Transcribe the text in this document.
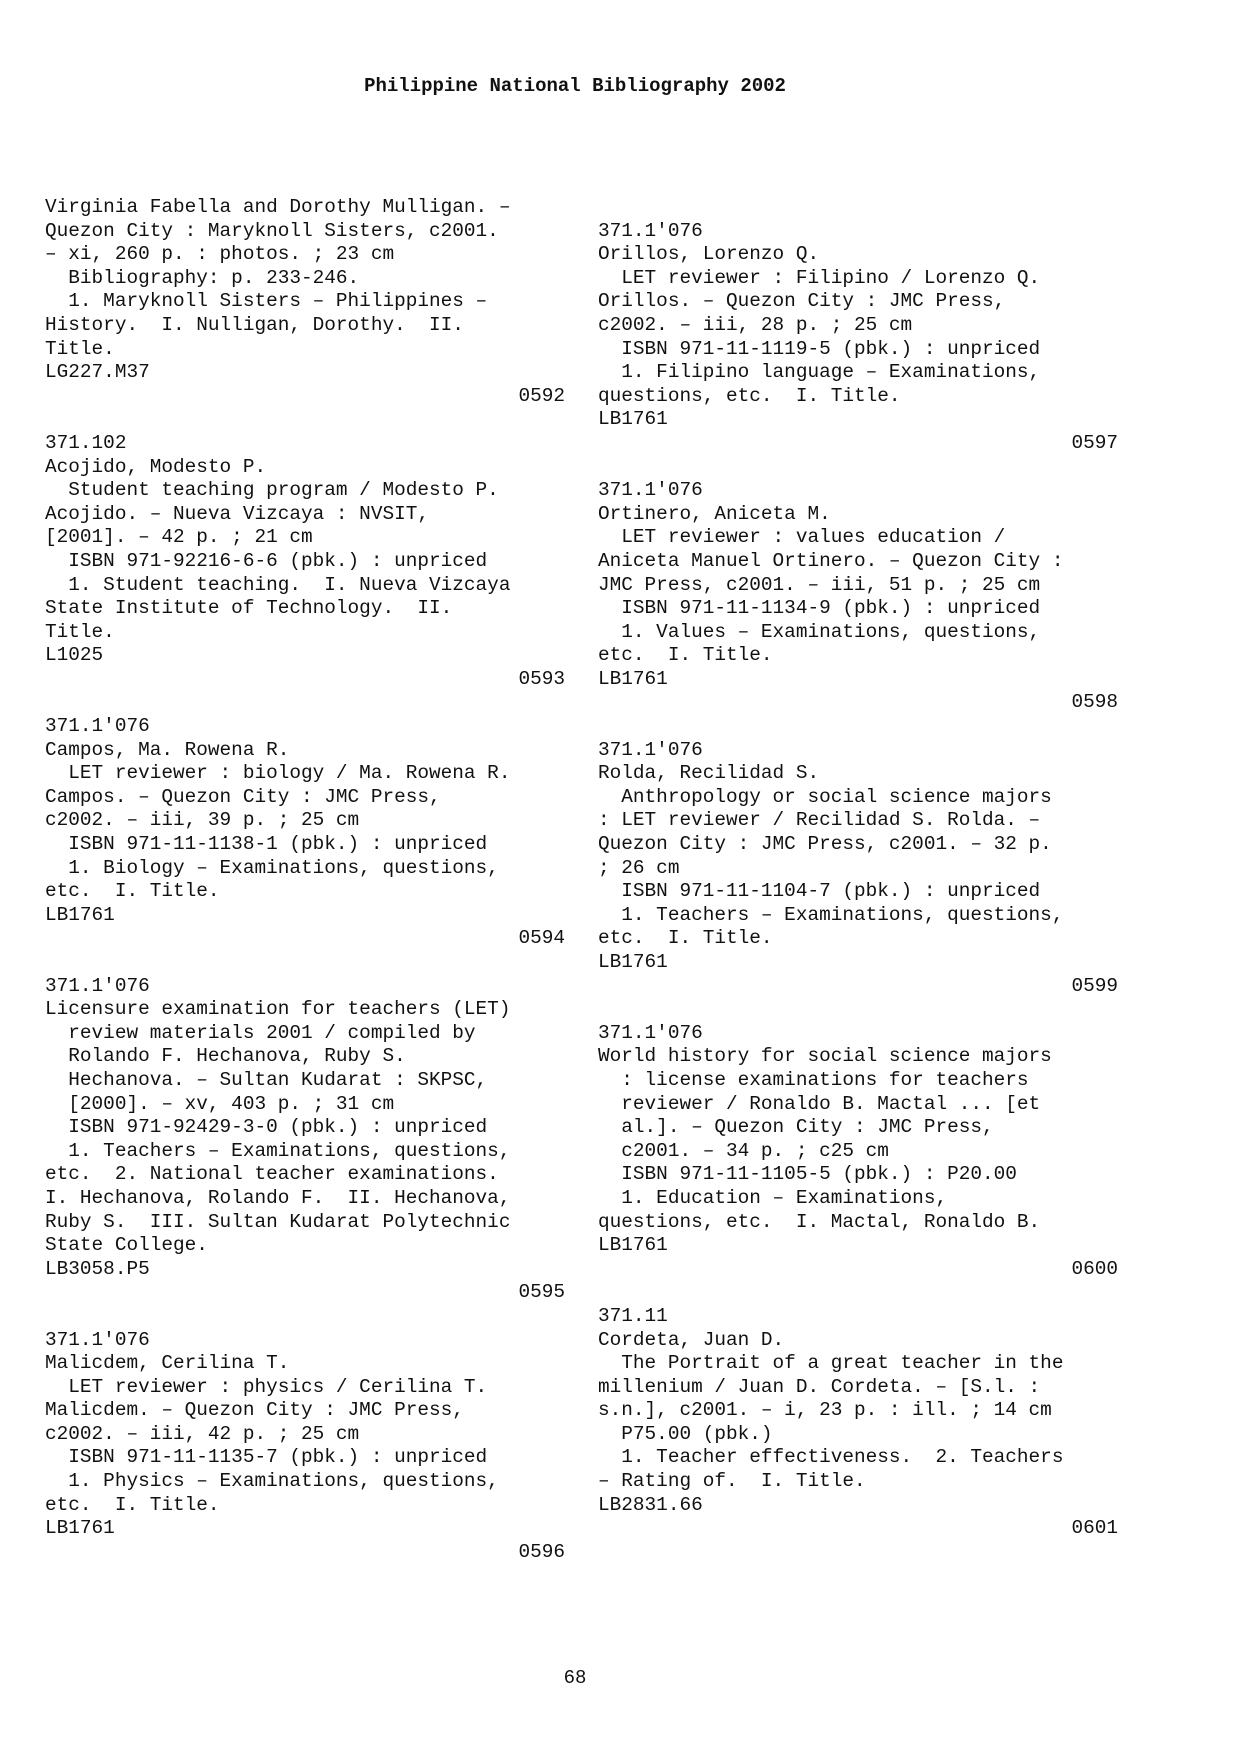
Philippine National Bibliography 2002
Virginia Fabella and Dorothy Mulligan. –
Quezon City : Maryknoll Sisters, c2001.
– xi, 260 p. : photos. ; 23 cm
Bibliography: p. 233-246.
1. Maryknoll Sisters – Philippines –
History.  I. Nulligan, Dorothy.  II.
Title.
LG227.M37
0592
371.102
Acojido, Modesto P.
Student teaching program / Modesto P.
Acojido. – Nueva Vizcaya : NVSIT,
[2001]. – 42 p. ; 21 cm
ISBN 971-92216-6-6 (pbk.) : unpriced
1. Student teaching.  I. Nueva Vizcaya
State Institute of Technology.  II.
Title.
L1025
0593
371.1'076
Campos, Ma. Rowena R.
LET reviewer : biology / Ma. Rowena R.
Campos. – Quezon City : JMC Press,
c2002. – iii, 39 p. ; 25 cm
ISBN 971-11-1138-1 (pbk.) : unpriced
1. Biology – Examinations, questions,
etc.  I. Title.
LB1761
0594
371.1'076
Licensure examination for teachers (LET)
review materials 2001 / compiled by
Rolando F. Hechanova, Ruby S.
Hechanova. – Sultan Kudarat : SKPSC,
[2000]. – xv, 403 p. ; 31 cm
ISBN 971-92429-3-0 (pbk.) : unpriced
1. Teachers – Examinations, questions,
etc.  2. National teacher examinations.
I. Hechanova, Rolando F.  II. Hechanova,
Ruby S.  III. Sultan Kudarat Polytechnic
State College.
LB3058.P5
0595
371.1'076
Malicdem, Cerilina T.
LET reviewer : physics / Cerilina T.
Malicdem. – Quezon City : JMC Press,
c2002. – iii, 42 p. ; 25 cm
ISBN 971-11-1135-7 (pbk.) : unpriced
1. Physics – Examinations, questions,
etc.  I. Title.
LB1761
0596
371.1'076
Orillos, Lorenzo Q.
LET reviewer : Filipino / Lorenzo Q.
Orillos. – Quezon City : JMC Press,
c2002. – iii, 28 p. ; 25 cm
ISBN 971-11-1119-5 (pbk.) : unpriced
1. Filipino language – Examinations,
questions, etc.  I. Title.
LB1761
0597
371.1'076
Ortinero, Aniceta M.
LET reviewer : values education /
Aniceta Manuel Ortinero. – Quezon City :
JMC Press, c2001. – iii, 51 p. ; 25 cm
ISBN 971-11-1134-9 (pbk.) : unpriced
1. Values – Examinations, questions,
etc.  I. Title.
LB1761
0598
371.1'076
Rolda, Recilidad S.
Anthropology or social science majors
: LET reviewer / Recilidad S. Rolda. –
Quezon City : JMC Press, c2001. – 32 p.
; 26 cm
ISBN 971-11-1104-7 (pbk.) : unpriced
1. Teachers – Examinations, questions,
etc.  I. Title.
LB1761
0599
371.1'076
World history for social science majors
: license examinations for teachers
reviewer / Ronaldo B. Mactal ... [et
al.]. – Quezon City : JMC Press,
c2001. – 34 p. ; c25 cm
ISBN 971-11-1105-5 (pbk.) : P20.00
1. Education – Examinations,
questions, etc.  I. Mactal, Ronaldo B.
LB1761
0600
371.11
Cordeta, Juan D.
The Portrait of a great teacher in the
millenium / Juan D. Cordeta. – [S.l. :
s.n.], c2001. – i, 23 p. : ill. ; 14 cm
P75.00 (pbk.)
1. Teacher effectiveness.  2. Teachers
– Rating of.  I. Title.
LB2831.66
0601
68
